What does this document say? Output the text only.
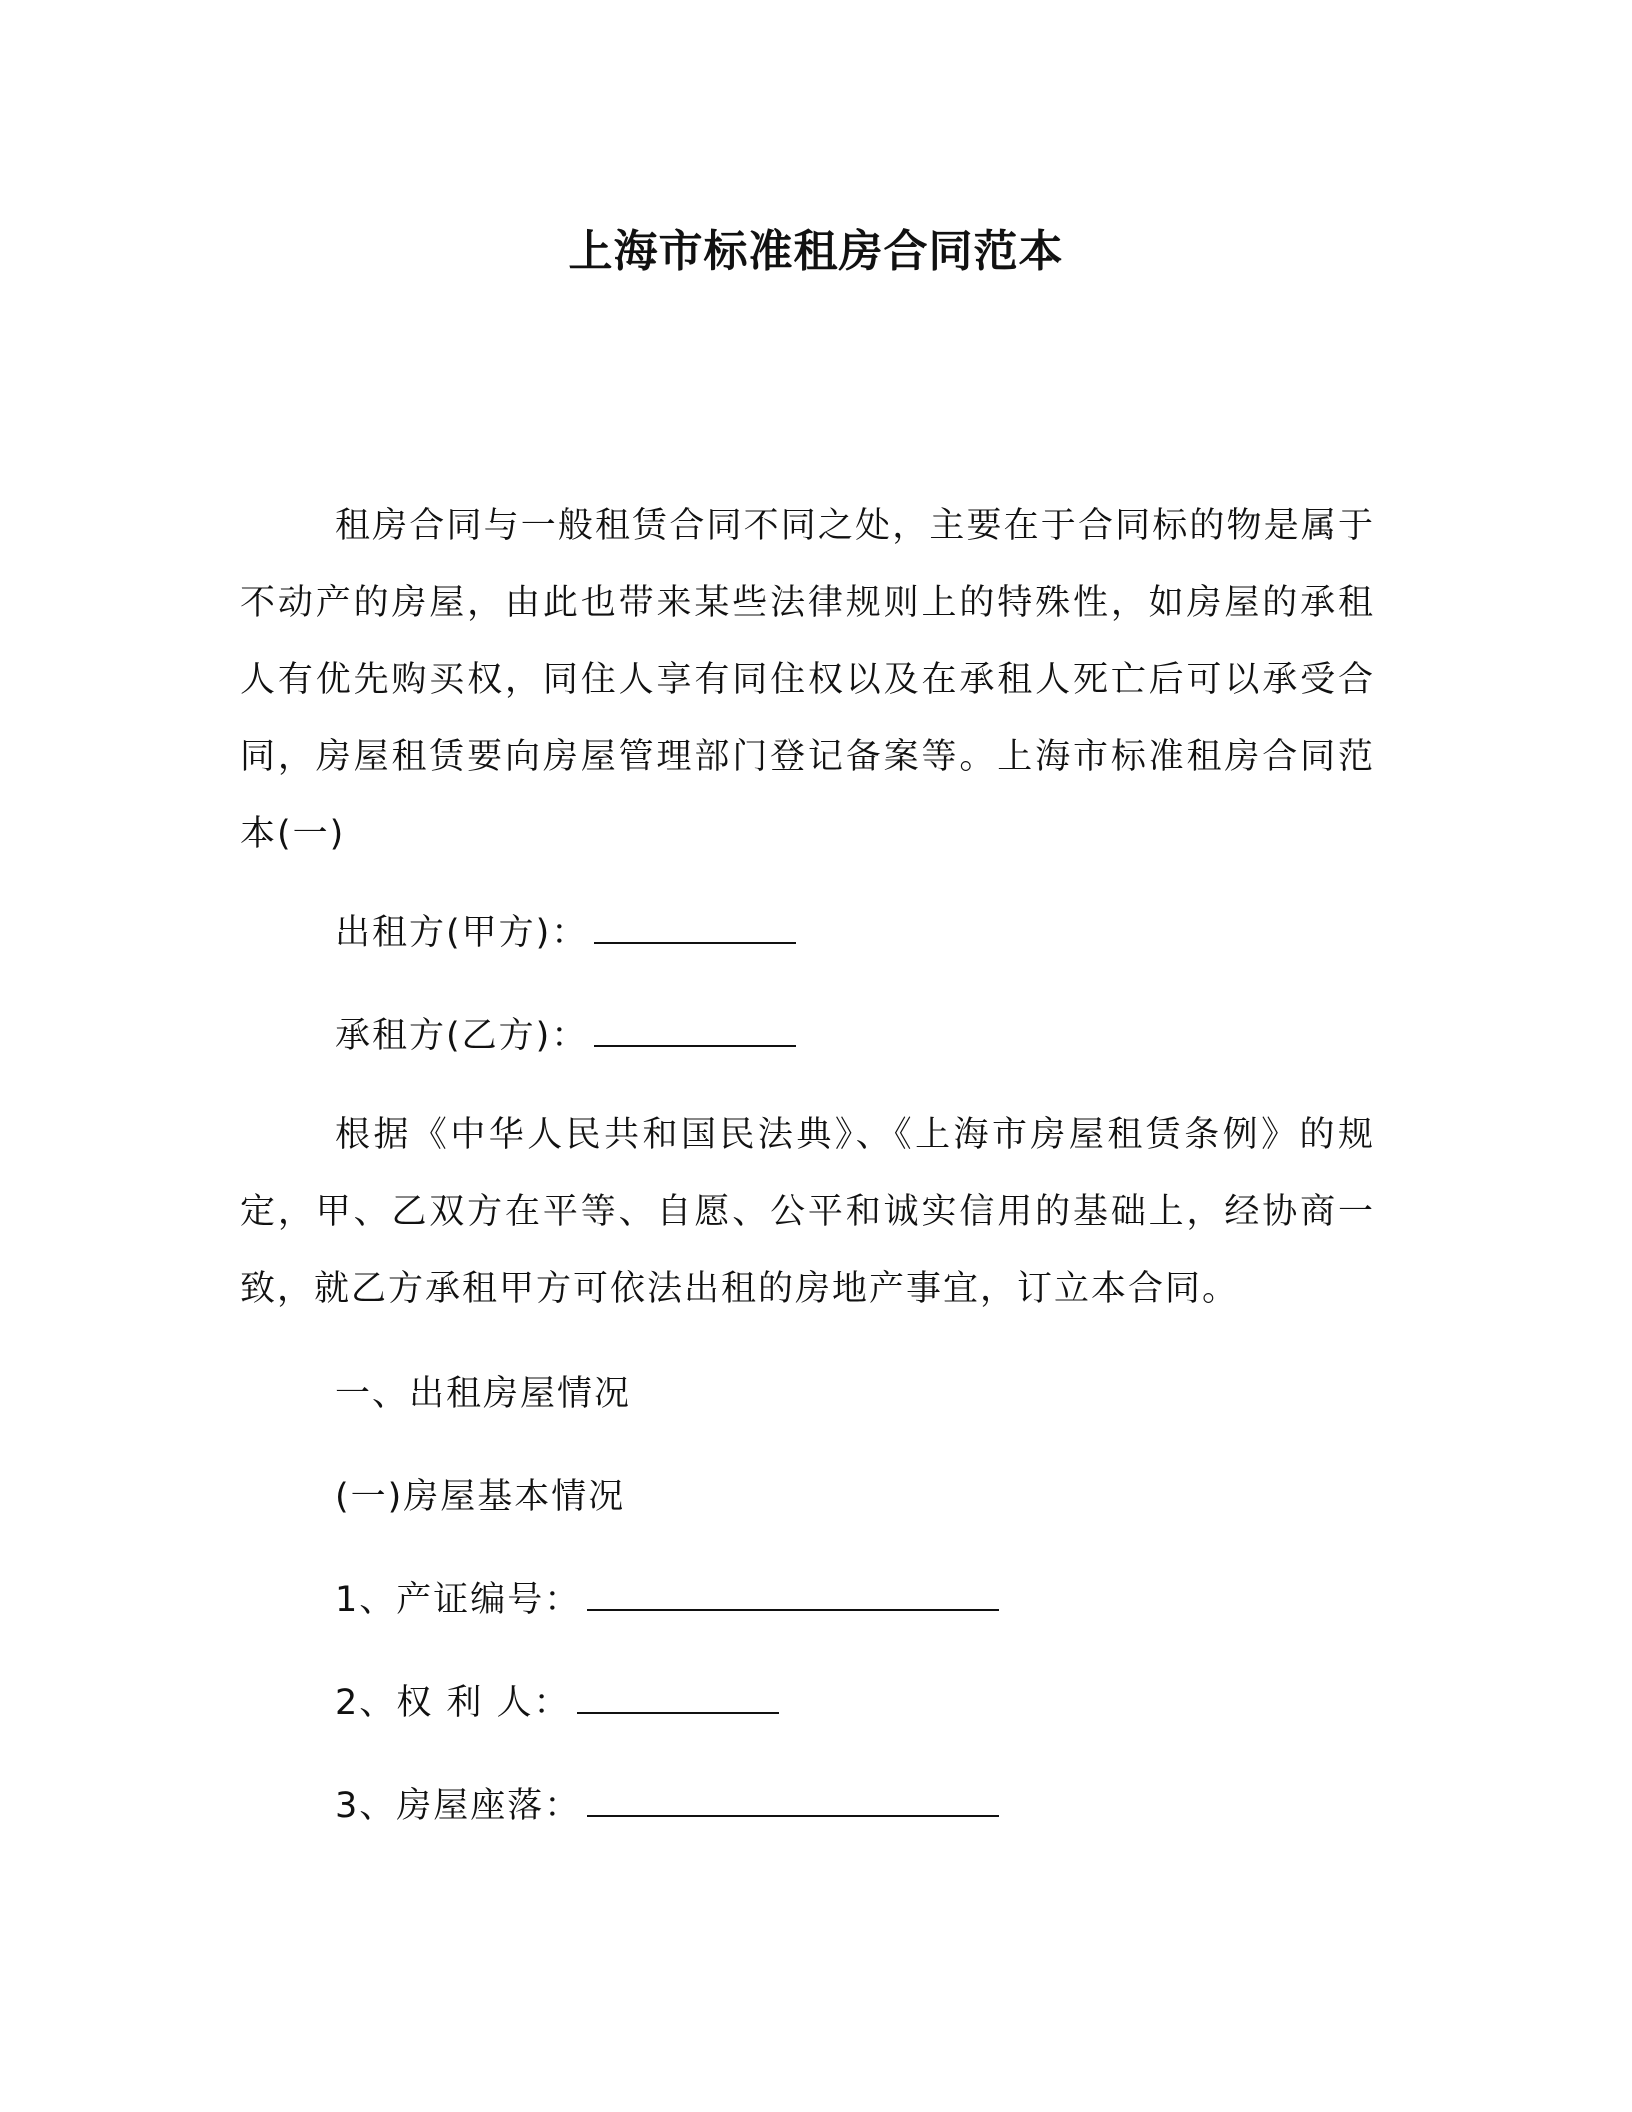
上海市标准租房合同范本

租房合同与一般租赁合同不同之处，主要在于合同标的物是属于不动产的房屋，由此也带来某些法律规则上的特殊性，如房屋的承租人有优先购买权，同住人享有同住权以及在承租人死亡后可以承受合同，房屋租赁要向房屋管理部门登记备案等。上海市标准租房合同范本(一)

出租方(甲方)：
承租方(乙方)：

根据《中华人民共和国民法典》、《上海市房屋租赁条例》的规定，甲、乙双方在平等、自愿、公平和诚实信用的基础上，经协商一致，就乙方承租甲方可依法出租的房地产事宜，订立本合同。

一、出租房屋情况
(一)房屋基本情况
1、产证编号：
2、权 利 人：
3、房屋座落：
